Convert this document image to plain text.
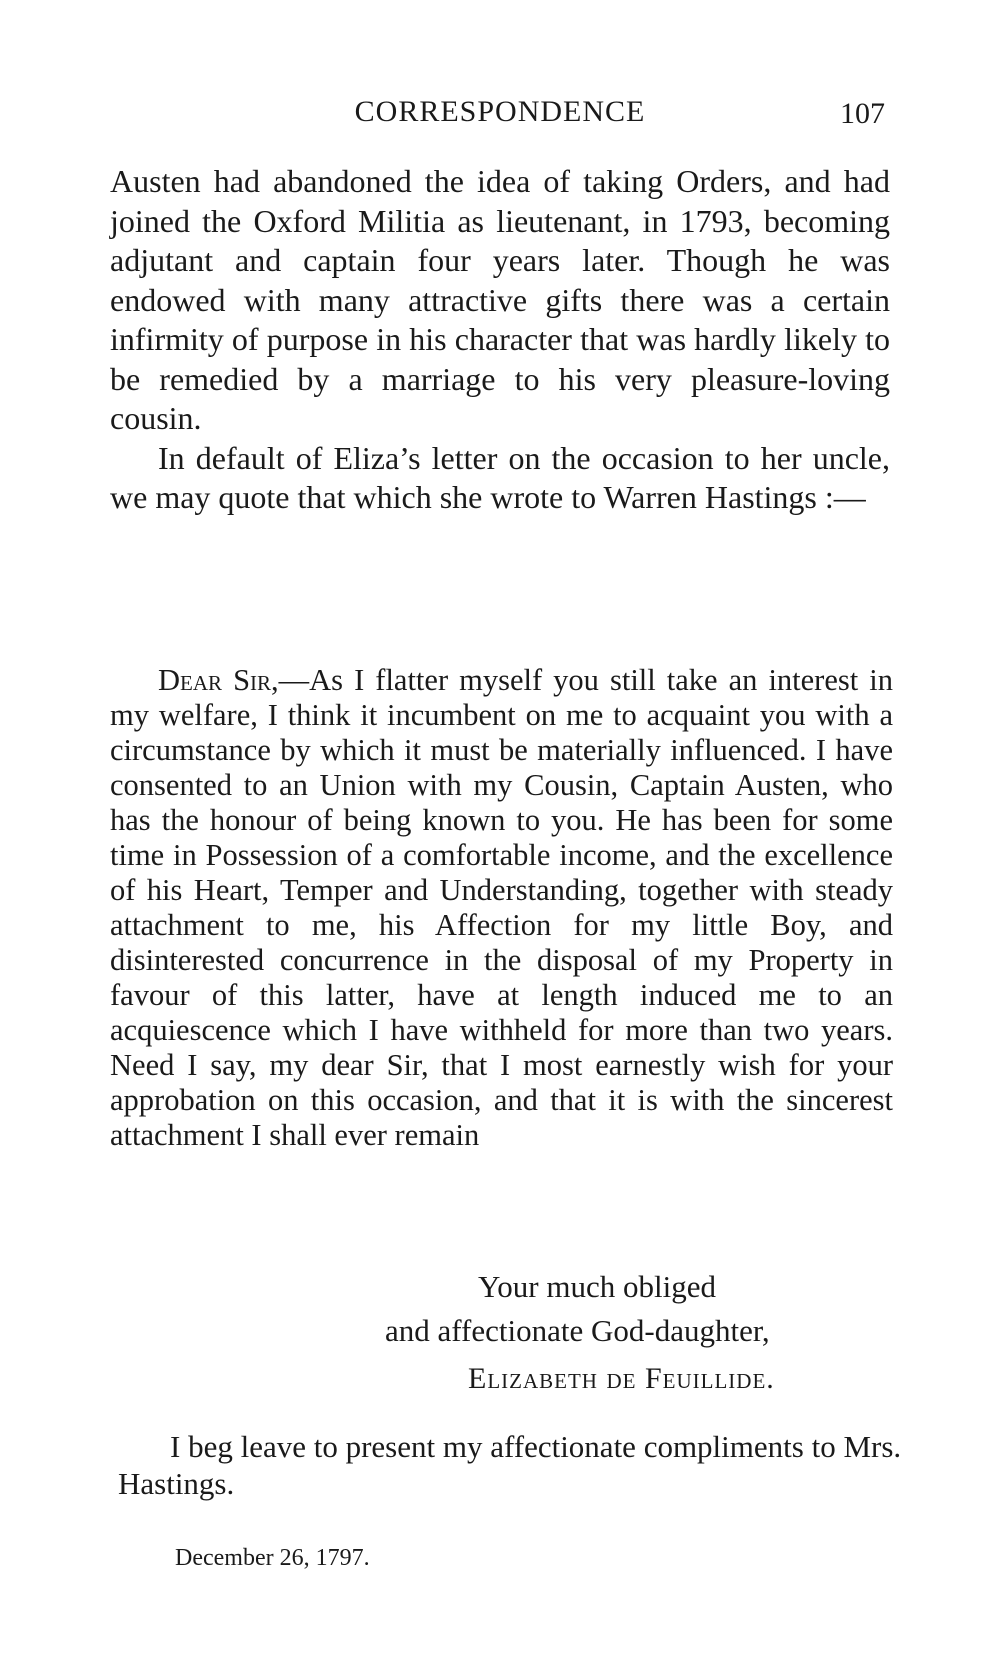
CORRESPONDENCE	107

Austen had abandoned the idea of taking Orders, and had joined the Oxford Militia as lieutenant, in 1793, becoming adjutant and captain four years later. Though he was endowed with many attractive gifts there was a certain infirmity of purpose in his character that was hardly likely to be remedied by a marriage to his very pleasure-loving cousin.

In default of Eliza’s letter on the occasion to her uncle, we may quote that which she wrote to Warren Hastings :—

Dear Sir,—As I flatter myself you still take an interest in my welfare, I think it incumbent on me to acquaint you with a circumstance by which it must be materially influenced. I have consented to an Union with my Cousin, Captain Austen, who has the honour of being known to you. He has been for some time in Possession of a comfortable income, and the excellence of his Heart, Temper and Understanding, together with steady attachment to me, his Affection for my little Boy, and disinterested concurrence in the disposal of my Property in favour of this latter, have at length induced me to an acquiescence which I have withheld for more than two years. Need I say, my dear Sir, that I most earnestly wish for your approbation on this occasion, and that it is with the sincerest attachment I shall ever remain

Your much obliged
and affectionate God-daughter,
Elizabeth de Feuillide.

I beg leave to present my affectionate compliments to Mrs. Hastings.

December 26, 1797.
